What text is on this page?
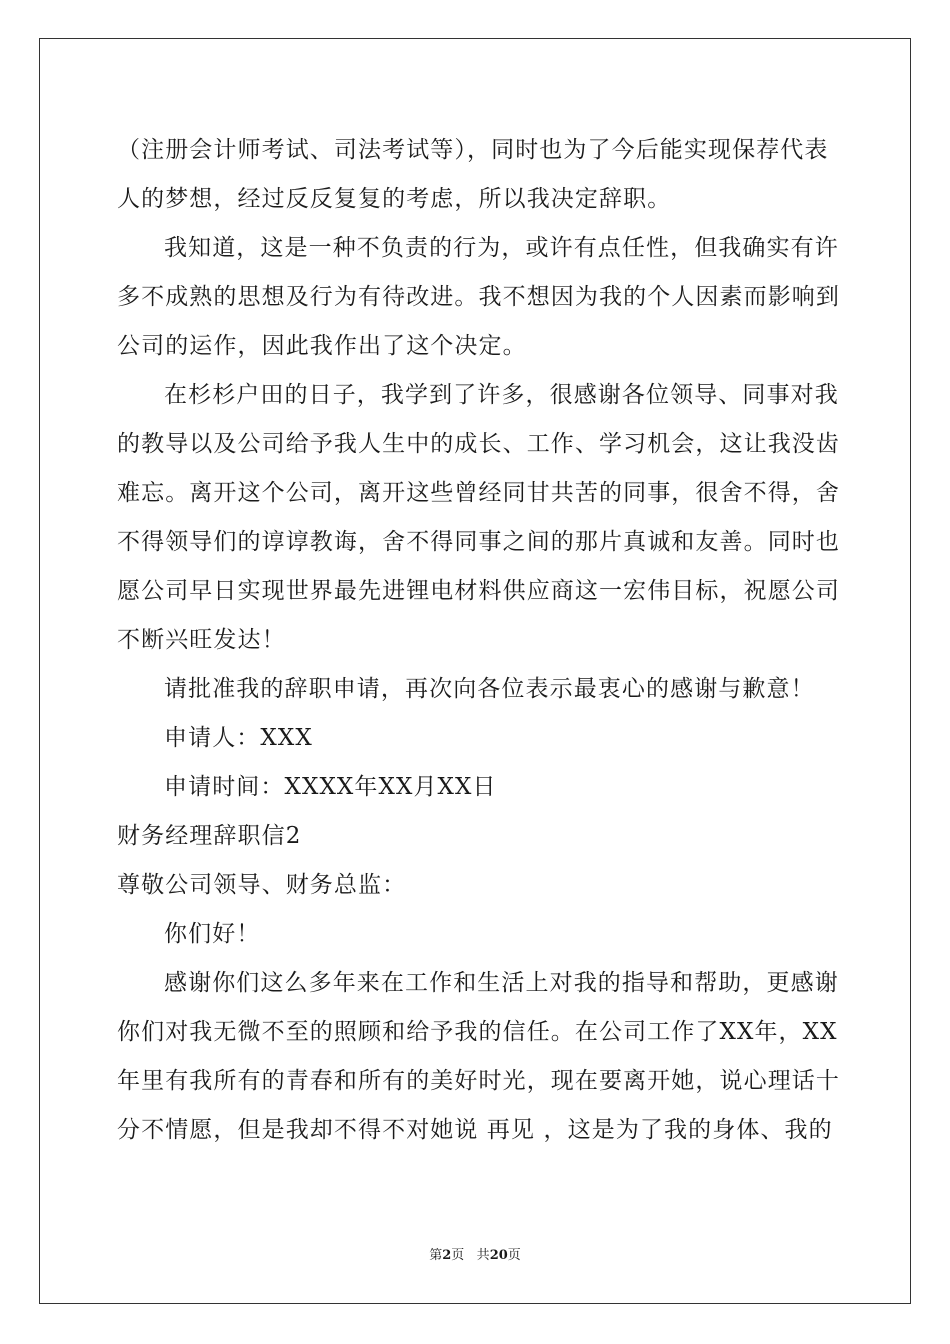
（注册会计师考试、司法考试等），同时也为了今后能实现保荐代表

人的梦想，经过反反复复的考虑，所以我决定辞职。

我知道，这是一种不负责的行为，或许有点任性，但我确实有许

多不成熟的思想及行为有待改进。我不想因为我的个人因素而影响到

公司的运作，因此我作出了这个决定。

在杉杉户田的日子，我学到了许多，很感谢各位领导、同事对我

的教导以及公司给予我人生中的成长、工作、学习机会，这让我没齿

难忘。离开这个公司，离开这些曾经同甘共苦的同事，很舍不得，舍

不得领导们的谆谆教诲，舍不得同事之间的那片真诚和友善。同时也

愿公司早日实现世界最先进锂电材料供应商这一宏伟目标，祝愿公司

不断兴旺发达！

请批准我的辞职申请，再次向各位表示最衷心的感谢与歉意！

申请人：XXX

申请时间：XXXX年XX月XX日

财务经理辞职信2

尊敬公司领导、财务总监：

你们好！

感谢你们这么多年来在工作和生活上对我的指导和帮助，更感谢

你们对我无微不至的照顾和给予我的信任。在公司工作了XX年，XX

年里有我所有的青春和所有的美好时光，现在要离开她，说心理话十

分不情愿，但是我却不得不对她说 再见 ，这是为了我的身体、我的

第2页 共20页
